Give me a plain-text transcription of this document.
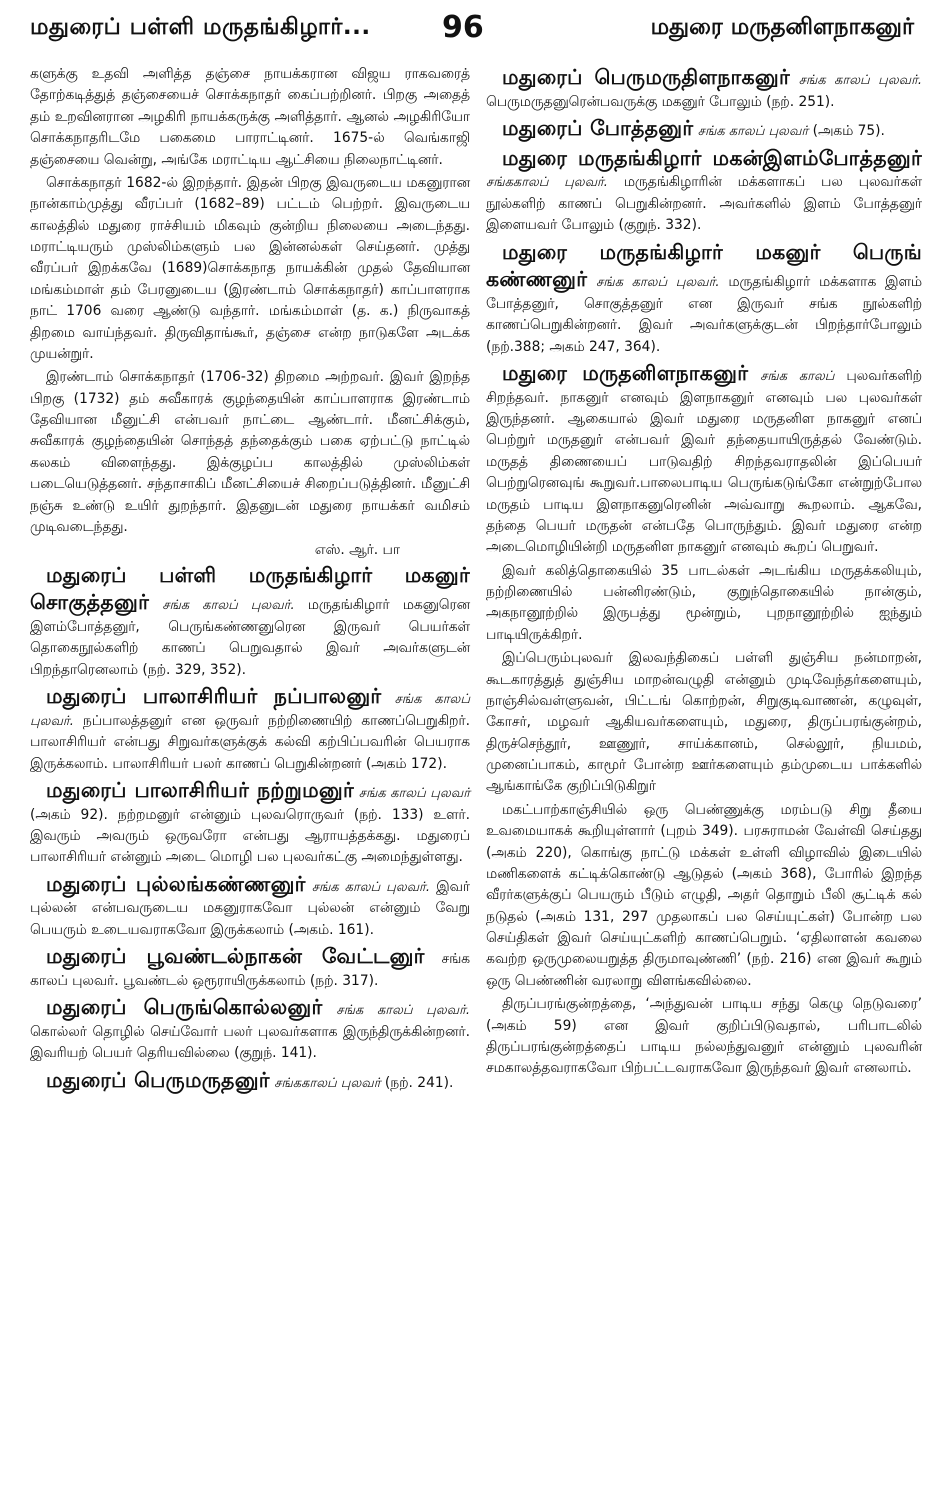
மதுரைப் பள்ளி மருதங்கிழார்... 96	மதுரை மருதனிளநாகனுர்

களுக்கு உதவி அளித்த தஞ்சை நாயக்கரான விஜய ராகவரைத் தோற்கடித்துத் தஞ்சையைச் சொக்கநாதர் கைப்பற்றினர். பிறகு அதைத் தம் உறவினரான அழகிரி நாயக்கருக்கு அளித்தார். ஆனல் அழகிரியோ சொக்கநாதரிடமே பகைமை பாராட்டினர். 1675-ல் வெங்காஜி தஞ்சையை வென்று, அங்கே மராட்டிய ஆட்சியை நிலைநாட்டினர்.

சொக்கநாதர் 1682-ல் இறந்தார். இதன் பிறகு இவருடைய மகனுரான நான்காம்முத்து வீரப்பர் (1682–89) பட்டம் பெற்றர். இவருடைய காலத்தில் மதுரை ராச்சியம் மிகவும் குன்றிய நிலையை அடைந்தது. மராட்டியரும் முஸ்லிம்களும் பல இன்னல்கள் செய்தனர். முத்து வீரப்பர் இறக்கவே (1689)சொக்கநாத நாயக்கின் முதல் தேவியான மங்கம்மாள் தம் பேரனுடைய (இரண்டாம் சொக்கநாதர்) காப்பாளராக நாட் 1706 வரை ஆண்டு வந்தார். மங்கம்மாள் (த. க.) நிருவாகத் திறமை வாய்ந்தவர். திருவிதாங்கூர், தஞ்சை என்ற நாடுகளே அடக்க முயன்றுர்.

இரண்டாம் சொக்கநாதர் (1706-32) திறமை அற்றவர். இவர் இறந்த பிறகு (1732) தம் சுவீகாரக் குழந்தையின் காப்பாளராக இரண்டாம் தேவியான மீனுட்சி என்பவர் நாட்டை ஆண்டார். மீனட்சிக்கும், சுவீகாரக் குழந்தையின் சொந்தத் தந்தைக்கும் பகை ஏற்பட்டு நாட்டில் கலகம் விளைந்தது. இக்குழப்ப காலத்தில் முஸ்லிம்கள் படையெடுத்தனர். சந்தாசாகிப் மீனட்சியைச் சிறைப்படுத்தினர். மீனுட்சி நஞ்சு உண்டு உயிர் துறந்தார். இதனுடன் மதுரை நாயக்கர் வமிசம் முடிவடைந்தது.

எஸ். ஆர். பா

மதுரைப் பள்ளி மருதங்கிழார் மகனுர் சொகுத்தனுர் சங்க காலப் புலவர். மருதங்கிழார் மகனுரென இளம்போத்தனுர், பெருங்கண்ணனுரென இருவர் பெயர்கள் தொகைநூல்களிற் காணப் பெறுவதால் இவர் அவர்களுடன் பிறந்தாரெனலாம் (நற். 329, 352).

மதுரைப் பாலாசிரியர் நப்பாலனுர் சங்க காலப் புலவர். நப்பாலத்தனுர் என ஒருவர் நற்றிணையிற் காணப்பெறுகிறர். பாலாசிரியர் என்பது சிறுவர்களுக்குக் கல்வி கற்பிப்பவரின் பெயராக இருக்கலாம். பாலாசிரியர் பலர் காணப் பெறுகின்றனர் (அகம் 172).

மதுரைப் பாலாசிரியர் நற்றுமனுர் சங்க காலப் புலவர் (அகம் 92). நற்றமனுர் என்னும் புலவரொருவர் (நற். 133) உளர். இவரும் அவரும் ஒருவரோ என்பது ஆராயத்தக்கது. மதுரைப் பாலாசிரியர் என்னும் அடை மொழி பல புலவர்கட்கு அமைந்துள்ளது.

மதுரைப் புல்லங்கண்ணனுர் சங்க காலப் புலவர். இவர் புல்லன் என்பவருடைய மகனுராகவோ புல்லன் என்னும் வேறு பெயரும் உடையவராகவோ இருக்கலாம் (அகம். 161).

மதுரைப் பூவண்டல்நாகன் வேட்டனுர் சங்க காலப் புலவர். பூவண்டல் ஒரூராயிருக்கலாம் (நற். 317).

மதுரைப் பெருங்கொல்லனுர் சங்க காலப் புலவர். கொல்லர் தொழில் செய்வோர் பலர் புலவர்களாக இருந்திருக்கின்றனர். இவரியற் பெயர் தெரியவில்லை (குறுந். 141).

மதுரைப் பெருமருதனுர் சங்ககாலப் புலவர் (நற். 241).

மதுரைப் பெருமருதிளநாகனுர் சங்க காலப் புலவர். பெருமருதனுரென்பவருக்கு மகனுர் போலும் (நற். 251).

மதுரைப் போத்தனுர் சங்க காலப் புலவர் (அகம் 75).

மதுரை மருதங்கிழார் மகன்இளம்போத்தனுர் சங்ககாலப் புலவர். மருதங்கிழாரின் மக்களாகப் பல புலவர்கள் நூல்களிற் காணப் பெறுகின்றனர். அவர்களில் இளம் போத்தனுர் இளையவர் போலும் (குறுந். 332).

மதுரை மருதங்கிழார் மகனுர் பெருங் கண்ணனுர் சங்க காலப் புலவர். மருதங்கிழார் மக்களாக இளம் போத்தனுர், சொகுத்தனுர் என இருவர் சங்க நூல்களிற் காணப்பெறுகின்றனர். இவர் அவர்களுக்குடன் பிறந்தார்போலும் (நற்.388; அகம் 247, 364).

மதுரை மருதனிளநாகனுர் சங்க காலப் புலவர்களிற் சிறந்தவர். நாகனுர் எனவும் இளநாகனுர் எனவும் பல புலவர்கள் இருந்தனர். ஆகையால் இவர் மதுரை மருதனிள நாகனுர் எனப் பெற்றுர் மருதனுர் என்பவர் இவர் தந்தையாயிருத்தல் வேண்டும். மருதத் திணையைப் பாடுவதிற் சிறந்தவராதலின் இப்பெயர் பெற்றுரெனவுங் கூறுவர்.பாலைபாடிய பெருங்கடுங்கோ என்றுற்போல மருதம் பாடிய இளநாகனுரெனின் அவ்வாறு கூறலாம். ஆகவே, தந்தை பெயர் மருதன் என்பதே பொருந்தும். இவர் மதுரை என்ற அடைமொழியின்றி மருதனிள நாகனுர் எனவும் கூறப் பெறுவர்.

இவர் கலித்தொகையில் 35 பாடல்கள் அடங்கிய மருதக்கலியும், நற்றிணையில் பன்னிரண்டும், குறுந்தொகையில் நான்கும், அகநானூற்றில் இருபத்து மூன்றும், புறநானூற்றில் ஐந்தும் பாடியிருக்கிறர்.

இப்பெரும்புலவர் இலவந்திகைப் பள்ளி துஞ்சிய நன்மாறன், கூடகாரத்துத் துஞ்சிய மாறன்வழுதி என்னும் முடிவேந்தர்களையும், நாஞ்சில்வள்ளுவன், பிட்டங் கொற்றன், சிறுகுடிவாணன், கழுவுள், கோசர், மழவர் ஆகியவர்களையும், மதுரை, திருப்பரங்குன்றம், திருச்செந்தூர், ஊணூர், சாய்க்கானம், செல்லூர், நியமம், முனைப்பாகம், காமூர் போன்ற ஊர்களையும் தம்முடைய பாக்களில் ஆங்காங்கே குறிப்பிடுகிறுர்

மகட்பாற்காஞ்சியில் ஒரு பெண்ணுக்கு மரம்படு சிறு தீயை உவமையாகக் கூறியுள்ளார் (புறம் 349). பரசுராமன் வேள்வி செய்தது (அகம் 220), கொங்கு நாட்டு மக்கள் உள்ளி விழாவில் இடையில் மணிகளைக் கட்டிக்கொண்டு ஆடுதல் (அகம் 368), போரில் இறந்த வீரர்களுக்குப் பெயரும் பீடும் எழுதி, அதர் தொறும் பீலி சூட்டிக் கல் நடுதல் (அகம் 131, 297 முதலாகப் பல செய்யுட்கள்) போன்ற பல செய்திகள் இவர் செய்யுட்களிற் காணப்பெறும். ‘ஏதிலாளன் கவலை கவற்ற ஒருமுலையறுத்த திருமாவுண்ணி’ (நற். 216) என இவர் கூறும் ஒரு பெண்ணின் வரலாறு விளங்கவில்லை.

திருப்பரங்குன்றத்தை, ‘அந்துவன் பாடிய சந்து கெழு நெடுவரை’ (அகம் 59) என இவர் குறிப்பிடுவதால், பரிபாடலில் திருப்பரங்குன்றத்தைப் பாடிய நல்லந்துவனுர் என்னும் புலவரின் சமகாலத்தவராகவோ பிற்பட்டவராகவோ இருந்தவர் இவர் எனலாம்.
